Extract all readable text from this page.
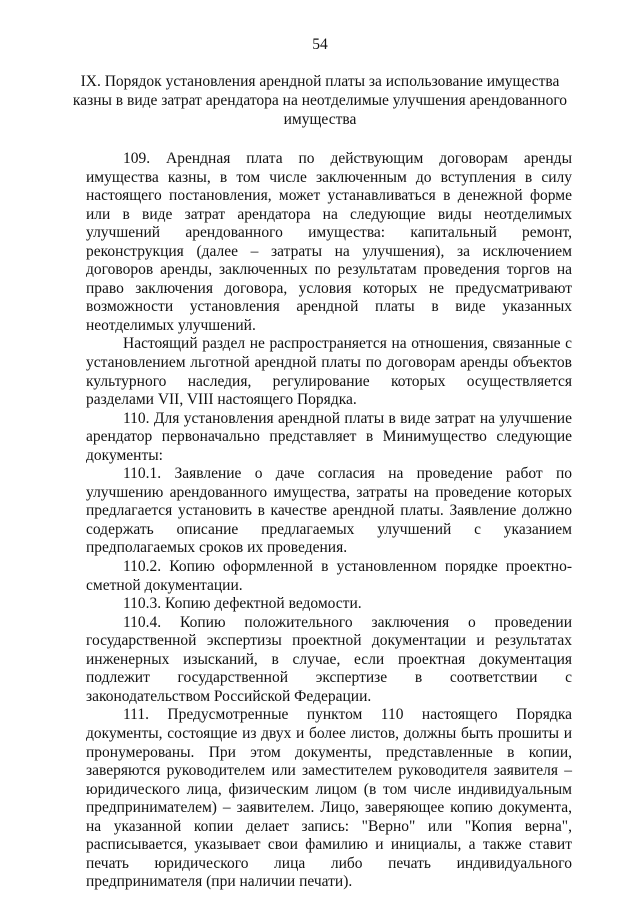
54
IX. Порядок установления арендной платы за использование имущества казны в виде затрат арендатора на неотделимые улучшения арендованного имущества

109. Арендная плата по действующим договорам аренды имущества казны, в том числе заключенным до вступления в силу настоящего постановления, может устанавливаться в денежной форме или в виде затрат арендатора на следующие виды неотделимых улучшений арендованного имущества: капитальный ремонт, реконструкция (далее – затраты на улучшения), за исключением договоров аренды, заключенных по результатам проведения торгов на право заключения договора, условия которых не предусматривают возможности установления арендной платы в виде указанных неотделимых улучшений.

Настоящий раздел не распространяется на отношения, связанные с установлением льготной арендной платы по договорам аренды объектов культурного наследия, регулирование которых осуществляется разделами VII, VIII настоящего Порядка.

110. Для установления арендной платы в виде затрат на улучшение арендатор первоначально представляет в Минимущество следующие документы:

110.1. Заявление о даче согласия на проведение работ по улучшению арендованного имущества, затраты на проведение которых предлагается установить в качестве арендной платы. Заявление должно содержать описание предлагаемых улучшений с указанием предполагаемых сроков их проведения.

110.2. Копию оформленной в установленном порядке проектно-сметной документации.

110.3. Копию дефектной ведомости.

110.4. Копию положительного заключения о проведении государственной экспертизы проектной документации и результатах инженерных изысканий, в случае, если проектная документация подлежит государственной экспертизе в соответствии с законодательством Российской Федерации.

111. Предусмотренные пунктом 110 настоящего Порядка документы, состоящие из двух и более листов, должны быть прошиты и пронумерованы. При этом документы, представленные в копии, заверяются руководителем или заместителем руководителя заявителя – юридического лица, физическим лицом (в том числе индивидуальным предпринимателем) – заявителем. Лицо, заверяющее копию документа, на указанной копии делает запись: "Верно" или "Копия верна", расписывается, указывает свои фамилию и инициалы, а также ставит печать юридического лица либо печать индивидуального предпринимателя (при наличии печати).
